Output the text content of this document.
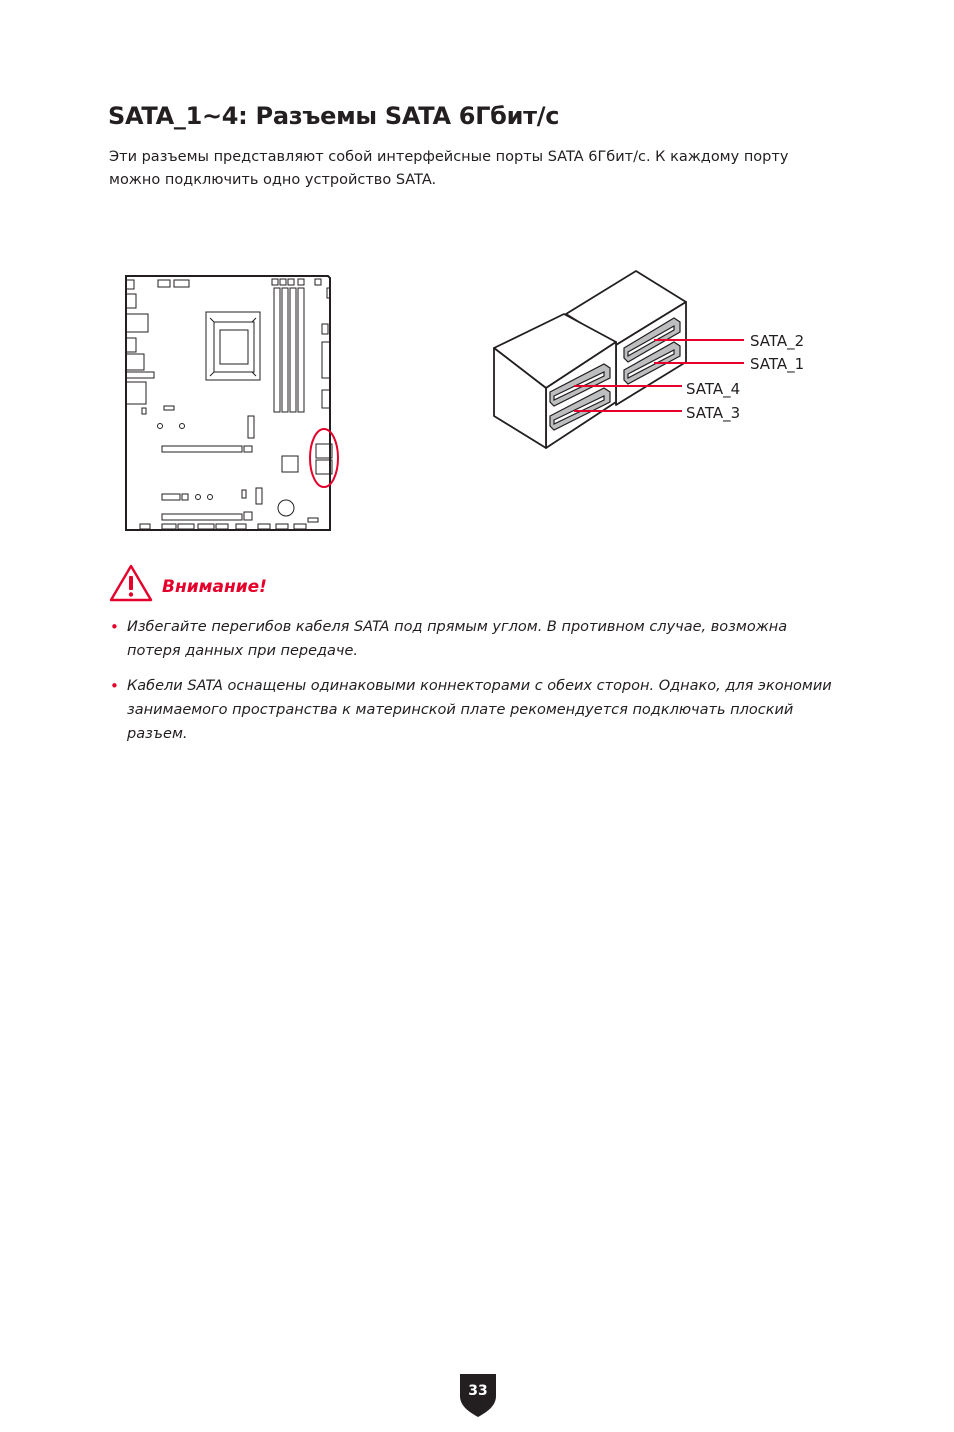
SATA_1~4: Разъемы SATA 6Гбит/с

Эти разъемы представляют собой интерфейсные порты SATA 6Гбит/с. К каждому порту можно подключить одно устройство SATA.

SATA_2
SATA_1
SATA_4
SATA_3
Внимание!
• Избегайте перегибов кабеля SATA под прямым углом. В противном случае, возможна потеря данных при передаче.
• Кабели SATA оснащены одинаковыми коннекторами с обеих сторон. Однако, для экономии занимаемого пространства к материнской плате рекомендуется подключать плоский разъем.
33
